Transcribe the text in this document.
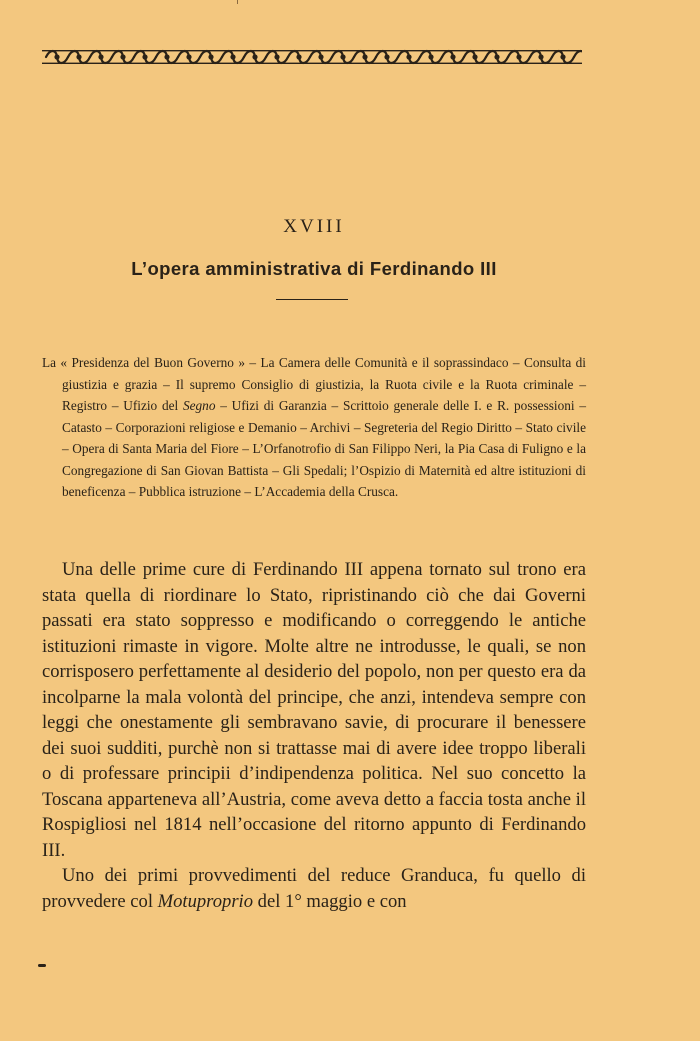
XVIII
L’opera amministrativa di Ferdinando III
La « Presidenza del Buon Governo » – La Camera delle Comunità e il soprassindaco – Consulta di giustizia e grazia – Il supremo Consiglio di giustizia, la Ruota civile e la Ruota criminale – Registro – Ufizio del Segno – Ufizi di Garanzia – Scrittoio generale delle I. e R. possessioni – Catasto – Corporazioni religiose e Demanio – Archivi – Segreteria del Regio Diritto – Stato civile – Opera di Santa Maria del Fiore – L’Orfanotrofio di San Filippo Neri, la Pia Casa di Fuligno e la Congregazione di San Giovan Battista – Gli Spedali; l’Ospizio di Maternità ed altre istituzioni di beneficenza – Pubblica istruzione – L’Accademia della Crusca.

Una delle prime cure di Ferdinando III appena tornato sul trono era stata quella di riordinare lo Stato, ripristinando ciò che dai Governi passati era stato soppresso e modificando o correggendo le antiche istituzioni rimaste in vigore. Molte altre ne introdusse, le quali, se non corrisposero perfettamente al desiderio del popolo, non per questo era da incolparne la mala volontà del principe, che anzi, intendeva sempre con leggi che onestamente gli sembravano savie, di procurare il benessere dei suoi sudditi, purchè non si trattasse mai di avere idee troppo liberali o di professare principii d’indipendenza politica. Nel suo concetto la Toscana apparteneva all’Austria, come aveva detto a faccia tosta anche il Rospigliosi nel 1814 nell’occasione del ritorno appunto di Ferdinando III.

Uno dei primi provvedimenti del reduce Granduca, fu quello di provvedere col Motuproprio del 1° maggio e con
